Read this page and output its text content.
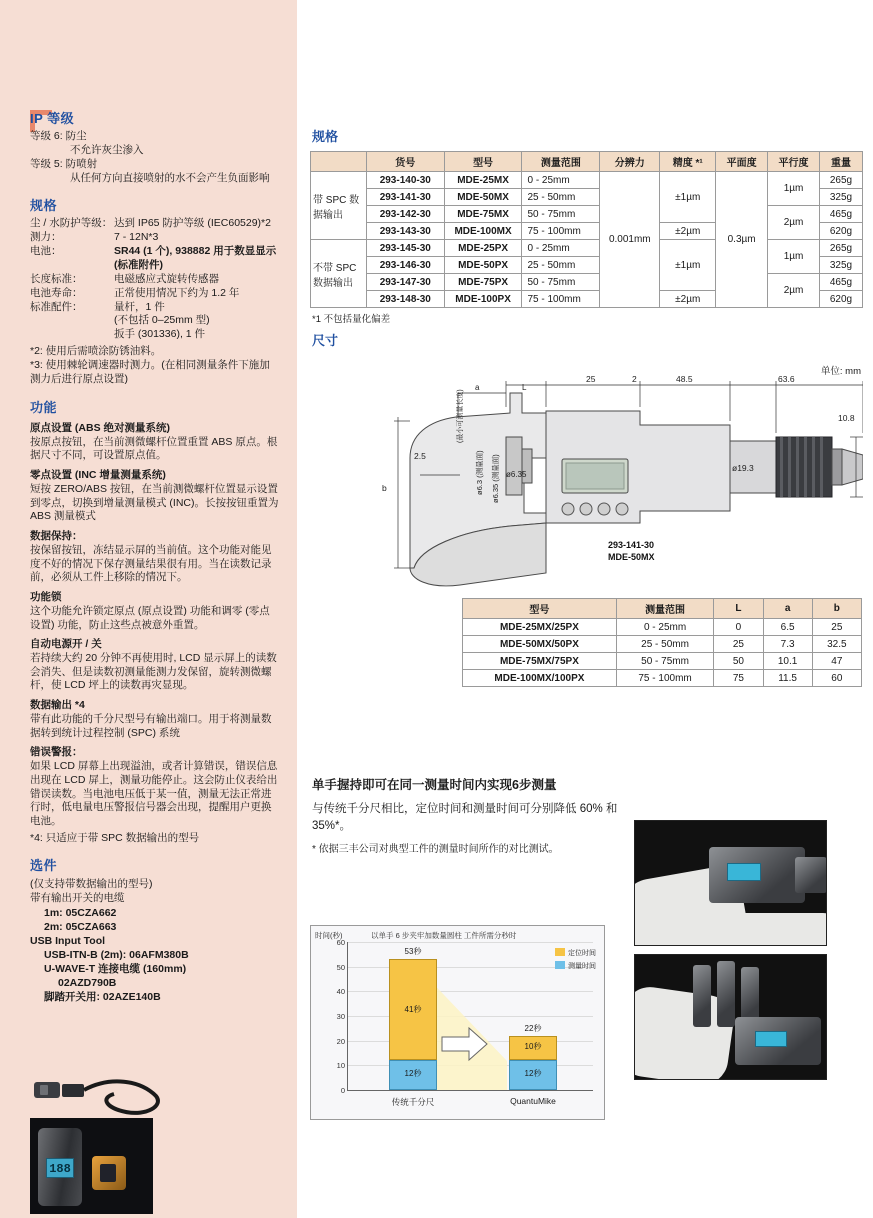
IP 等级

等级 6: 防尘

不允许灰尘渗入

等级 5: 防喷射

从任何方向直接喷射的水不会产生负面影响

规格
尘 / 水防护等级： 达到 IP65 防护等级 (IEC60529)*2
测力：	7 - 12N*3
电池：	SR44 (1 个), 938882 用于数显显示 (标准附件)
长度标准：	电磁感应式旋转传感器
电池寿命：	正常使用情况下约为 1.2 年
标准配件：	量杆，1 件
(不包括 0–25mm 型)
扳手 (301336), 1 件

*2: 使用后需喷涂防锈油料。

*3: 使用棘轮调速器时测力。(在相同测量条件下施加测力后进行原点设置)

功能
原点设置 (ABS 绝对测量系统)
按原点按钮，在当前测微螺杆位置重置 ABS 原点。根据尺寸不同，可设置原点值。
零点设置 (INC 增量测量系统)
短按 ZERO/ABS 按钮，在当前测微螺杆位置显示设置到零点，切换到增量测量模式 (INC)。长按按钮重置为 ABS 测量模式
数据保持：
按保留按钮，冻结显示屏的当前值。这个功能对能见度不好的情况下保存测量结果很有用。当在读数记录前，必须从工件上移除的情况下。
功能锁
这个功能允许锁定原点 (原点设置) 功能和调零 (零点设置) 功能，防止这些点被意外重置。
自动电源开 / 关
若持续大约 20 分钟不再使用时, LCD 显示屏上的读数会消失、但是读数初测量能测力发保留，旋转测微螺杆，使 LCD 坪上的读数再灾显现。
数据输出 *4
带有此功能的千分尺型号有输出端口。用于将测量数据转到统计过程控制 (SPC) 系统
错误警报：
如果 LCD 屏幕上出现溢油，或者计算错误，错误信息出现在 LCD 屏上，测量功能停止。这会防止仪表给出错误读数。当电池电压低于某一值，测量无法正常进行时，低电量电压警报信号器会出现，提醒用户更换电池。

*4: 只适应于带 SPC 数据输出的型号

选件
(仅支持带数据输出的型号)
带有输出开关的电缆
1m: 05CZA662
2m: 05CZA663
USB Input Tool
USB-ITN-B (2m): 06AFM380B
U-WAVE-T 连接电缆 (160mm)
02AZD790B
脚踏开关用: 02AZE140B
188
规格
	货号	型号	测量范围	分辨力	精度 *¹	平面度	平行度	重量
带 SPC 数据输出	293-140-30	MDE-25MX	0 - 25mm	0.001mm	±1µm	0.3µm	1µm	265g
	293-141-30	MDE-50MX	25 - 50mm					325g
	293-142-30	MDE-75MX	50 - 75mm				2µm	465g
	293-143-30	MDE-100MX	75 - 100mm		±2µm			620g
不带 SPC 数据输出	293-145-30	MDE-25PX	0 - 25mm		±1µm		1µm	265g
	293-146-30	MDE-50PX	25 - 50mm					325g
	293-147-30	MDE-75PX	50 - 75mm				2µm	465g
	293-148-30	MDE-100PX	75 - 100mm		±2µm			620g
*1 不包括量化偏差
尺寸
单位: mm
a	L
25	2	48.5	63.6
10.8
ø19.3
b
2.5
ø6.35
ø6.3 (测量面) ø6.35 (测量面)
(最小可测量长度)
293-141-30
MDE-50MX
型号	测量范围	L	a	b
MDE-25MX/25PX	0 - 25mm	0	6.5	25
MDE-50MX/50PX	25 - 50mm	25	7.3	32.5
MDE-75MX/75PX	50 - 75mm	50	10.1	47
MDE-100MX/100PX	75 - 100mm	75	11.5	60
单手握持即可在同一测量时间内实现6步测量
与传统千分尺相比，定位时间和测量时间可分别降低 60% 和 35%*。
* 依据三丰公司对典型工件的测量时间所作的对比测试。
时间(秒)	以单手 6 步夹牢加数量圆柱 工件所需分秒时
0
10
20
30
40
50
60
定位时间
测量时间
53秒
41秒
12秒
22秒
10秒
12秒
传统千分尺	QuantuMike
